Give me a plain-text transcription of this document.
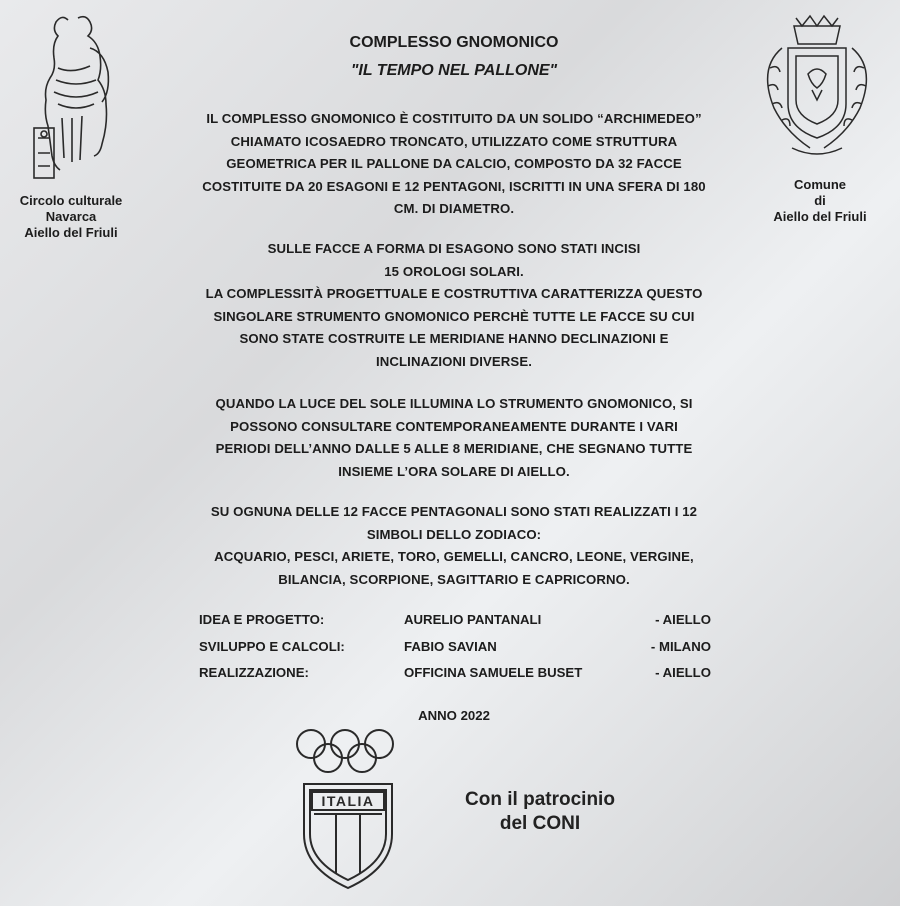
Circolo culturale
Navarca
Aiello del Friuli
Comune
di
Aiello del Friuli
COMPLESSO GNOMONICO
"IL TEMPO NEL PALLONE"
IL COMPLESSO GNOMONICO È COSTITUITO DA UN SOLIDO “ARCHIMEDEO”
CHIAMATO ICOSAEDRO TRONCATO, UTILIZZATO COME STRUTTURA
GEOMETRICA PER IL PALLONE DA CALCIO, COMPOSTO DA 32 FACCE
COSTITUITE DA 20 ESAGONI E 12 PENTAGONI, ISCRITTI IN UNA SFERA DI 180
CM. DI DIAMETRO.
SULLE FACCE A FORMA DI ESAGONO SONO STATI INCISI
15 OROLOGI SOLARI.
LA COMPLESSITÀ PROGETTUALE E COSTRUTTIVA CARATTERIZZA QUESTO
SINGOLARE STRUMENTO GNOMONICO PERCHÈ TUTTE LE FACCE SU CUI
SONO STATE COSTRUITE LE MERIDIANE HANNO DECLINAZIONI E
INCLINAZIONI DIVERSE.
QUANDO LA LUCE DEL SOLE ILLUMINA LO STRUMENTO GNOMONICO, SI
POSSONO CONSULTARE CONTEMPORANEAMENTE DURANTE I VARI
PERIODI DELL’ANNO DALLE 5 ALLE 8 MERIDIANE, CHE SEGNANO TUTTE
INSIEME L’ORA SOLARE DI AIELLO.
SU OGNUNA DELLE 12 FACCE PENTAGONALI SONO STATI REALIZZATI I 12
SIMBOLI DELLO ZODIACO:
ACQUARIO, PESCI, ARIETE, TORO, GEMELLI, CANCRO, LEONE, VERGINE,
BILANCIA, SCORPIONE, SAGITTARIO E CAPRICORNO.
IDEA E PROGETTO:	AURELIO PANTANALI	- AIELLO
SVILUPPO E CALCOLI:	FABIO SAVIAN	- MILANO
REALIZZAZIONE:	OFFICINA SAMUELE BUSET	- AIELLO
ANNO 2022
ITALIA	Con il patrocinio
del CONI
